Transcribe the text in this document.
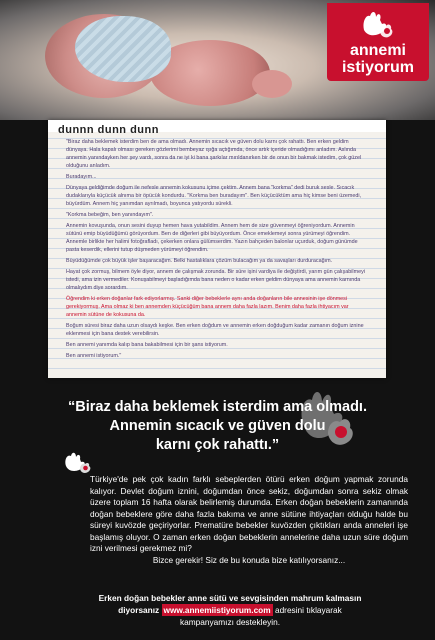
annemi
istiyorum
dunnn dunn dunn

"Biraz daha beklemek isterdim ben de ama olmadı. Annemin sıcacık ve güven dolu karnı çok rahattı. Ben erken geldim dünyaya. Hala kapalı olması gereken gözlerimi bembeyaz ışığa açtığımda, önce artık içeride olmadığımı anladım. Aslında annemin yanındayken her şey vardı, sonra da ne iyi ki bana şarkılar mırıldanırken bir de onun bir bakmak istedim, çok güzel olduğunu anladım.

Buradayım...

Dünyaya geldiğimde doğum ile nefesle annemin kokusunu içime çektim. Annem bana "korkma" dedi buruk sesle. Sıcacık dudaklarıyla küçücük alnıma bir öpücük kondurdu. "Korkma ben buradayım". Ben küçücüktüm ama hiç kimse beni üzemedi, büyürdüm. Annem hiç yanımdan ayrılmadı, boyunca yatıyordu sürekli.

"Korkma bebeğim, ben yanındayım".

Annemin kovuşunda, onun sesini duyup hemen hava yutabildim. Annem hem de size güvenmeyi öğreniyordum. Annemin sütünü emip büyüdüğümü görüyordum. Ben de diğerleri gibi büyüyordum. Önce emeklemeyi sonra yürümeyi öğrendim. Annemle birlikte her halimi fotoğrafladı, çekerken onlara gülümserdim. Yazın bahçeden balonlar uçurduk, doğum günümde pasta keserdik, ellerini tutup düşmeden yürümeyi öğrendim.

Büyüdüğümde çok büyük işler başaracağım. Belki hastalıklara çözüm bulacağım ya da savaşları durduracağım.

Hayat çok zormuş, bilmem öyle diyor, annem de çalışmak zorunda. Bir süre işini vardiya ile değiştirdi, yarım gün çalışabilmeyi istedi, ama izin vermediler. Konuşabilmeyi başladığımda bana neden o kadar erken geldim dünyaya ama annemin karnında olmalıydım diye sorardım.

Öğrendim ki erken doğanlar fark ediyorlarmış. Sanki diğer bebeklerle aynı anda doğanların bile annesinin işe dönmesi gerekiyormuş. Ama olmaz ki ben annemden küçücüğüm bana annem daha fazla lazım. Benim daha fazla ihtiyacım var annemin sütüne de kokusuna da.

Boğum süresi biraz daha uzun olsaydı keşke. Ben erken doğdum ve annemin erken doğduğum kadar zamanın doğum iznine eklenmesi için bana destek verebilirsin.

Ben annemi yanımda kalıp bana bakabilmesi için bir şans istiyorum.

Ben annemi istiyorum."

“Biraz daha beklemek isterdim ama olmadı.
Annemin sıcacık ve güven dolu
karnı çok rahattı.”
Türkiye'de pek çok kadın farklı sebeplerden ötürü erken doğum yapmak zorunda kalıyor. Devlet doğum iznini, doğumdan önce sekiz, doğumdan sonra sekiz olmak üzere toplam 16 hafta olarak belirlemiş durumda. Erken doğan bebeklerin zamanında doğan bebeklere göre daha fazla bakıma ve anne sütüne ihtiyaçları olduğu halde bu süreyi kuvözde geçiriyorlar. Prematüre bebekler kuvözden çıktıkları anda anneleri işe başlamış oluyor. O zaman erken doğan bebeklerin annelerine daha uzun süre doğum izni verilmesi gerekmez mi?
Bizce gerekir! Siz de bu konuda bize katılıyorsanız...
Erken doğan bebekler anne sütü ve sevgisinden mahrum kalmasın
diyorsanız www.annemiistiyorum.com adresini tıklayarak
kampanyamızı destekleyin.
